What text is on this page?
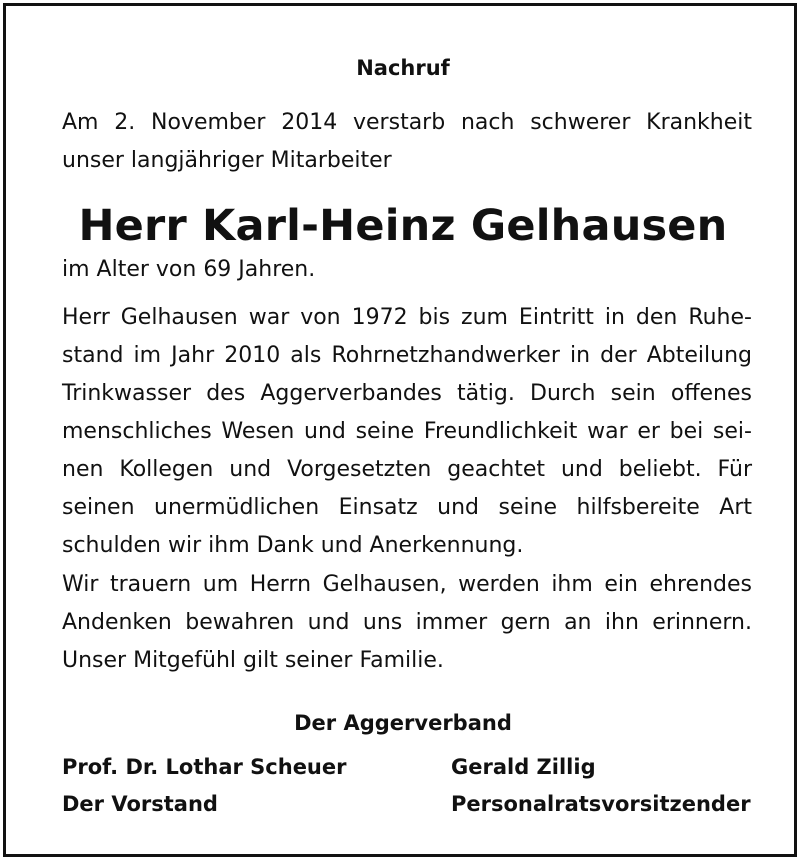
Nachruf
Am 2. November 2014 verstarb nach schwerer Krankheit unser langjähriger Mitarbeiter
Herr Karl-Heinz Gelhausen
im Alter von 69 Jahren.
Herr Gelhausen war von 1972 bis zum Eintritt in den Ruhestand im Jahr 2010 als Rohrnetzhandwerker in der Abteilung Trinkwasser des Aggerverbandes tätig. Durch sein offenes menschliches Wesen und seine Freundlichkeit war er bei seinen Kollegen und Vorgesetzten geachtet und beliebt. Für seinen unermüdlichen Einsatz und seine hilfsbereite Art schulden wir ihm Dank und Anerkennung.
Wir trauern um Herrn Gelhausen, werden ihm ein ehrendes Andenken bewahren und uns immer gern an ihn erinnern. Unser Mitgefühl gilt seiner Familie.
Der Aggerverband
Prof. Dr. Lothar Scheuer
Der Vorstand
Gerald Zillig
Personalratsvorsitzender
